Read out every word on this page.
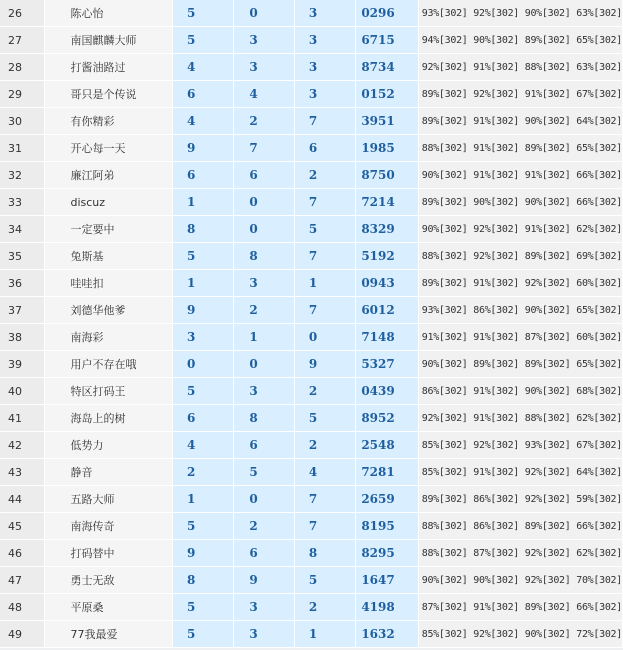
26	陈心怡	5	0	3	0296	93%[302] 92%[302] 90%[302] 63%[302]
27	南国麒麟大师	5	3	3	6715	94%[302] 90%[302] 89%[302] 65%[302]
28	打酱油路过	4	3	3	8734	92%[302] 91%[302] 88%[302] 63%[302]
29	哥只是个传说	6	4	3	0152	89%[302] 92%[302] 91%[302] 67%[302]
30	有你精彩	4	2	7	3951	89%[302] 91%[302] 90%[302] 64%[302]
31	开心每一天	9	7	6	1985	88%[302] 91%[302] 89%[302] 65%[302]
32	廉江阿弟	6	6	2	8750	90%[302] 91%[302] 91%[302] 66%[302]
33	discuz	1	0	7	7214	89%[302] 90%[302] 90%[302] 66%[302]
34	一定要中	8	0	5	8329	90%[302] 92%[302] 91%[302] 62%[302]
35	兔斯基	5	8	7	5192	88%[302] 92%[302] 89%[302] 69%[302]
36	哇哇扣	1	3	1	0943	89%[302] 91%[302] 92%[302] 60%[302]
37	刘德华他爹	9	2	7	6012	93%[302] 86%[302] 90%[302] 65%[302]
38	南海彩	3	1	0	7148	91%[302] 91%[302] 87%[302] 60%[302]
39	用户不存在哦	0	0	9	5327	90%[302] 89%[302] 89%[302] 65%[302]
40	特区打码王	5	3	2	0439	86%[302] 91%[302] 90%[302] 68%[302]
41	海岛上的树	6	8	5	8952	92%[302] 91%[302] 88%[302] 62%[302]
42	低势力	4	6	2	2548	85%[302] 92%[302] 93%[302] 67%[302]
43	静音	2	5	4	7281	85%[302] 91%[302] 92%[302] 64%[302]
44	五路大师	1	0	7	2659	89%[302] 86%[302] 92%[302] 59%[302]
45	南海传奇	5	2	7	8195	88%[302] 86%[302] 89%[302] 66%[302]
46	打码替中	9	6	8	8295	88%[302] 87%[302] 92%[302] 62%[302]
47	勇士无敌	8	9	5	1647	90%[302] 90%[302] 92%[302] 70%[302]
48	平原桑	5	3	2	4198	87%[302] 91%[302] 89%[302] 66%[302]
49	77我最爱	5	3	1	1632	85%[302] 92%[302] 90%[302] 72%[302]
